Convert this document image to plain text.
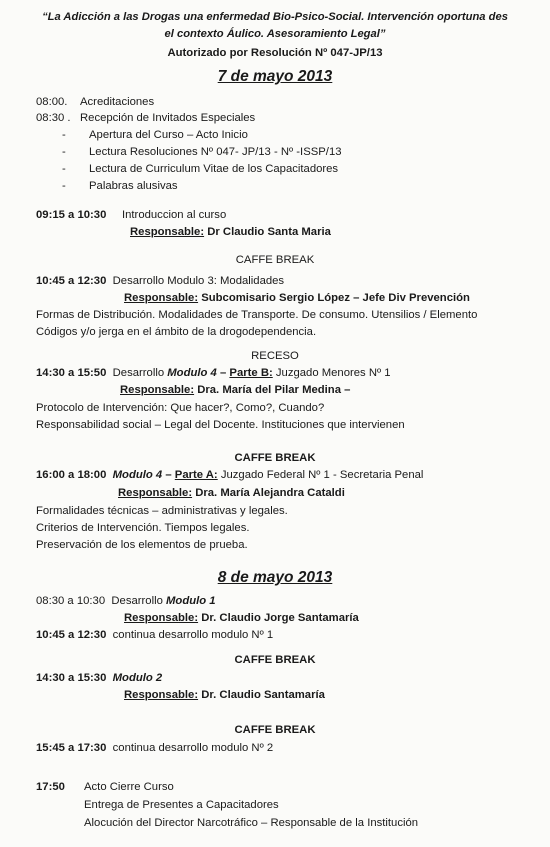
“La Adicción a las Drogas una enfermedad Bio-Psico-Social. Intervención oportuna des
el contexto Áulico. Asesoramiento Legal”
Autorizado por Resolución Nº 047-JP/13
7 de mayo 2013
08:00. Acreditaciones
08:30 . Recepción de Invitados Especiales
- Apertura del Curso – Acto Inicio
- Lectura Resoluciones Nº 047- JP/13 - Nº -ISSP/13
- Lectura de Curriculum Vitae de los Capacitadores
- Palabras alusivas
09:15 a 10:30 Introduccion al curso
Responsable: Dr Claudio Santa Maria
CAFFE BREAK
10:45 a 12:30 Desarrollo Modulo 3: Modalidades
Responsable: Subcomisario Sergio López – Jefe Div Prevención
Formas de Distribución. Modalidades de Transporte. De consumo. Utensilios / Elemento
Códigos y/o jerga en el ámbito de la drogodependencia.
RECESO
14:30 a 15:50 Desarrollo Modulo 4 – Parte B: Juzgado Menores Nº 1
Responsable: Dra. María del Pilar Medina –
Protocolo de Intervención: Que hacer?, Como?, Cuando?
Responsabilidad social – Legal del Docente. Instituciones que intervienen
CAFFE BREAK
16:00 a 18:00 Modulo 4 – Parte A: Juzgado Federal Nº 1 - Secretaria Penal
Responsable: Dra. María Alejandra Cataldi
Formalidades técnicas – administrativas y legales.
Criterios de Intervención. Tiempos legales.
Preservación de los elementos de prueba.
8 de mayo 2013
08:30 a 10:30 Desarrollo Modulo 1
Responsable: Dr. Claudio Jorge Santamaría
10:45 a 12:30 continua desarrollo modulo Nº 1
CAFFE BREAK
14:30 a 15:30 Modulo 2
Responsable: Dr. Claudio Santamaría
CAFFE BREAK
15:45 a 17:30 continua desarrollo modulo Nº 2
17:50 Acto Cierre Curso
Entrega de Presentes a Capacitadores
Alocución del Director Narcotráfico – Responsable de la Institución
